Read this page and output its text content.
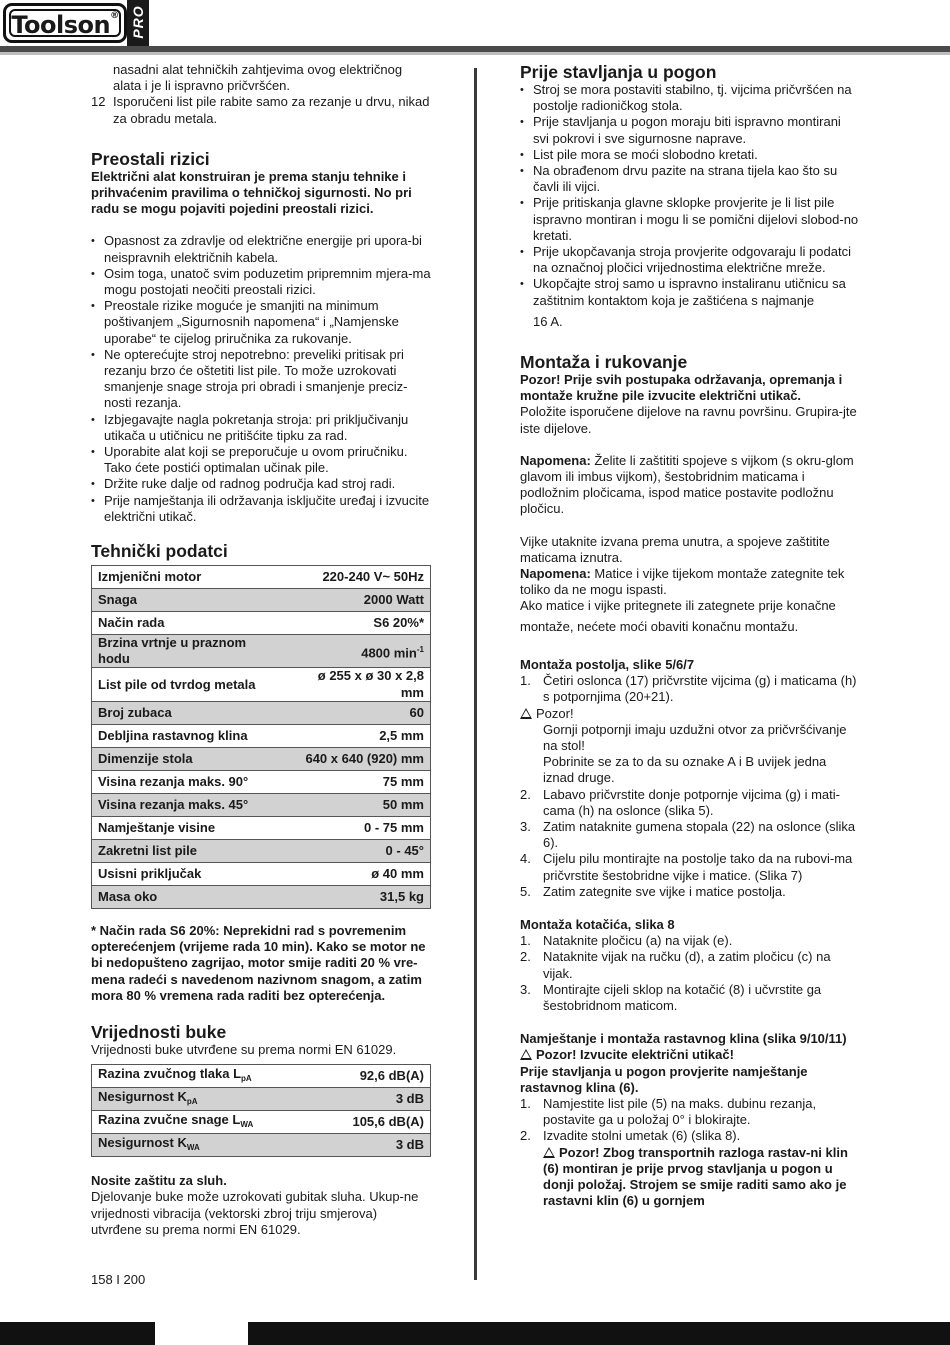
Toolson® PRO

nasadni alat tehničkih zahtjevima ovog električnog alata i je li ispravno pričvršćen.

12 Isporučeni list pile rabite samo za rezanje u drvu, nikad za obradu metala.

Preostali rizici

Električni alat konstruiran je prema stanju tehnike i prihvaćenim pravilima o tehničkoj sigurnosti. No pri radu se mogu pojaviti pojedini preostali rizici.

• Opasnost za zdravlje od električne energije pri upora-bi neispravnih električnih kabela.
• Osim toga, unatoč svim poduzetim pripremnim mjera-ma mogu postojati neočiti preostali rizici.
• Preostale rizike moguće je smanjiti na minimum poštivanjem „Sigurnosnih napomena“ i „Namjenske uporabe“ te cijelog priručnika za rukovanje.
• Ne opterećujte stroj nepotrebno: preveliki pritisak pri rezanju brzo će oštetiti list pile. To može uzrokovati smanjenje snage stroja pri obradi i smanjenje preciz-nosti rezanja.
• Izbjegavajte nagla pokretanja stroja: pri priključivanju utikača u utičnicu ne pritišćite tipku za rad.
• Uporabite alat koji se preporučuje u ovom priručniku. Tako ćete postići optimalan učinak pile.
• Držite ruke dalje od radnog područja kad stroj radi.
• Prije namještanja ili održavanja isključite uređaj i izvucite električni utikač.
Tehnički podatci
Izmjenični motor	220-240 V~ 50Hz
Snaga	2000 Watt
Način rada	S6 20%*
Brzina vrtnje u praznom hodu	4800 $\min^{-1}$
List pile od tvrdog metala	ø 255 x ø 30 x 2,8 mm
Broj zubaca	60
Debljina rastavnog klina	2,5 mm
Dimenzije stola	640 x 640 (920) mm
Visina rezanja maks. 90°	75 mm
Visina rezanja maks. 45°	50 mm
Namještanje visine	0 - 75 mm
Zakretni list pile	0 - 45°
Usisni priključak	ø 40 mm
Masa oko	31,5 kg

* Način rada S6 20%: Neprekidni rad s povremenim opterećenjem (vrijeme rada 10 min). Kako se motor ne bi nedopušteno zagrijao, motor smije raditi 20 % vre-mena radeći s navedenom nazivnom snagom, a zatim mora 80 % vremena rada raditi bez opterećenja.

Vrijednosti buke

Vrijednosti buke utvrđene su prema normi EN 61029.

Razina zvučnog tlaka $L_{pA}$	92,6 dB(A)
Nesigurnost $K_{pA}$	3 dB
Razina zvučne snage $L_{WA}$	105,6 dB(A)
Nesigurnost $K_{WA}$	3 dB

Nosite zaštitu za sluh.

Djelovanje buke može uzrokovati gubitak sluha. Ukup-ne vrijednosti vibracija (vektorski zbroj triju smjerova) utvrđene su prema normi EN 61029.

Prije stavljanja u pogon
• Stroj se mora postaviti stabilno, tj. vijcima pričvršćen na postolje radioničkog stola.
• Prije stavljanja u pogon moraju biti ispravno montirani svi pokrovi i sve sigurnosne naprave.
• List pile mora se moći slobodno kretati.
• Na obrađenom drvu pazite na strana tijela kao što su čavli ili vijci.
• Prije pritiskanja glavne sklopke provjerite je li list pile ispravno montiran i mogu li se pomični dijelovi slobod-no kretati.
• Prije ukopčavanja stroja provjerite odgovaraju li podatci na označnoj pločici vrijednostima električne mreže.
• Ukopčajte stroj samo u ispravno instaliranu utičnicu sa zaštitnim kontaktom koja je zaštićena s najmanje

16 A.

Montaža i rukovanje

Pozor! Prije svih postupaka održavanja, opremanja i montaže kružne pile izvucite električni utikač.

Položite isporučene dijelove na ravnu površinu. Grupira-jte iste dijelove.

Napomena: Želite li zaštititi spojeve s vijkom (s okru-glom glavom ili imbus vijkom), šestobridnim maticama i podložnim pločicama, ispod matice postavite podložnu pločicu.

Vijke utaknite izvana prema unutra, a spojeve zaštitite maticama iznutra.

Napomena: Matice i vijke tijekom montaže zategnite tek toliko da ne mogu ispasti.

Ako matice i vijke pritegnete ili zategnete prije konačne

montaže, nećete moći obaviti konačnu montažu.

Montaža postolja, slike 5/6/7

1. Četiri oslonca (17) pričvrstite vijcima (g) i maticama (h) s potpornjima (20+21).

Pozor!

Gornji potpornji imaju uzdužni otvor za pričvršćivanje na stol!

Pobrinite se za to da su oznake A i B uvijek jedna iznad druge.

2. Labavo pričvrstite donje potpornje vijcima (g) i mati-cama (h) na oslonce (slika 5).
3. Zatim nataknite gumena stopala (22) na oslonce (slika 6).
4. Cijelu pilu montirajte na postolje tako da na rubovi-ma pričvrstite šestobridne vijke i matice. (Slika 7)
5. Zatim zategnite sve vijke i matice postolja.

Montaža kotačića, slika 8

1. Nataknite pločicu (a) na vijak (e).
2. Nataknite vijak na ručku (d), a zatim pločicu (c) na vijak.
3. Montirajte cijeli sklop na kotačić (8) i učvrstite ga šestobridnom maticom.

Namještanje i montaža rastavnog klina (slika 9/10/11)

Pozor! Izvucite električni utikač!

Prije stavljanja u pogon provjerite namještanje rastavnog klina (6).

1. Namjestite list pile (5) na maks. dubinu rezanja, postavite ga u položaj 0° i blokirajte.
2. Izvadite stolni umetak (6) (slika 8).

Pozor! Zbog transportnih razloga rastav-ni klin (6) montiran je prije prvog stavljanja u pogon u donji položaj. Strojem se smije raditi samo ako je rastavni klin (6) u gornjem

158 I 200
